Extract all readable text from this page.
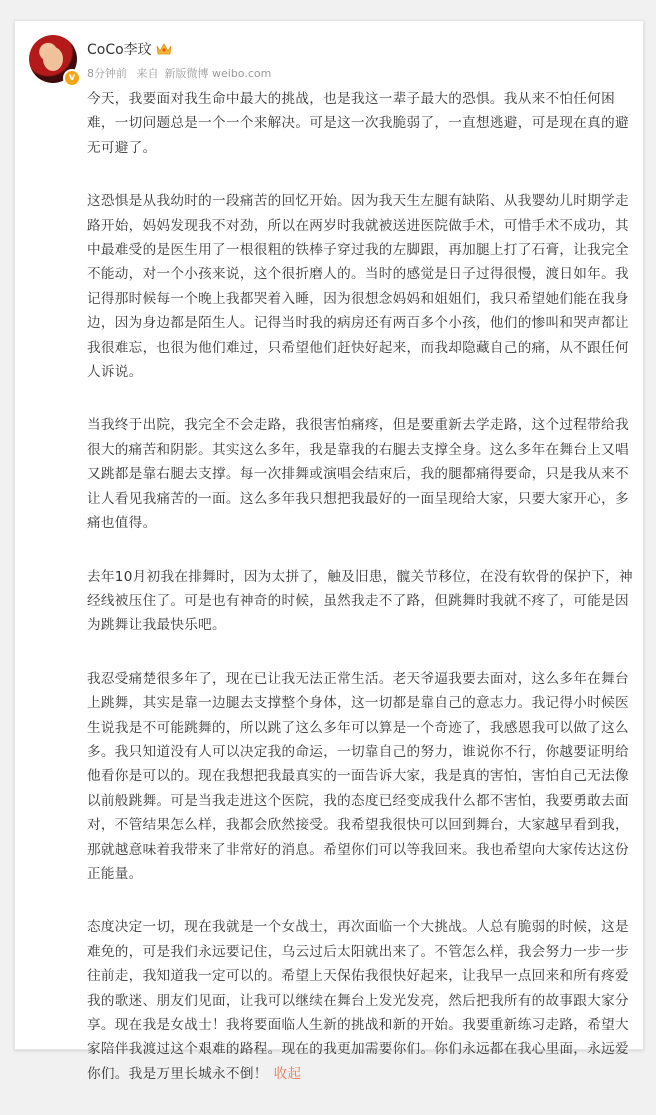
v
CoCo李玟
8分钟前 来自 新版微博 weibo.com

今天，我要面对我生命中最大的挑战，也是我这一辈子最大的恐惧。我从来不怕任何困难，一切问题总是一个一个来解决。可是这一次我脆弱了，一直想逃避，可是现在真的避无可避了。

这恐惧是从我幼时的一段痛苦的回忆开始。因为我天生左腿有缺陷、从我婴幼儿时期学走路开始，妈妈发现我不对劲，所以在两岁时我就被送进医院做手术，可惜手术不成功，其中最难受的是医生用了一根很粗的铁棒子穿过我的左脚跟，再加腿上打了石膏，让我完全不能动，对一个小孩来说，这个很折磨人的。当时的感觉是日子过得很慢，渡日如年。我记得那时候每一个晚上我都哭着入睡，因为很想念妈妈和姐姐们，我只希望她们能在我身边，因为身边都是陌生人。记得当时我的病房还有两百多个小孩，他们的惨叫和哭声都让我很难忘，也很为他们难过，只希望他们赶快好起来，而我却隐藏自己的痛，从不跟任何人诉说。

当我终于出院，我完全不会走路，我很害怕痛疼，但是要重新去学走路，这个过程带给我很大的痛苦和阴影。其实这么多年，我是靠我的右腿去支撑全身。这么多年在舞台上又唱又跳都是靠右腿去支撑。每一次排舞或演唱会结束后，我的腿都痛得要命，只是我从来不让人看见我痛苦的一面。这么多年我只想把我最好的一面呈现给大家，只要大家开心，多痛也值得。

去年10月初我在排舞时，因为太拼了，触及旧患，髋关节移位，在没有软骨的保护下，神经线被压住了。可是也有神奇的时候，虽然我走不了路，但跳舞时我就不疼了，可能是因为跳舞让我最快乐吧。

我忍受痛楚很多年了，现在已让我无法正常生活。老天爷逼我要去面对，这么多年在舞台上跳舞，其实是靠一边腿去支撑整个身体，这一切都是靠自己的意志力。我记得小时候医生说我是不可能跳舞的，所以跳了这么多年可以算是一个奇迹了，我感恩我可以做了这么多。我只知道没有人可以决定我的命运，一切靠自己的努力，谁说你不行，你越要证明给他看你是可以的。现在我想把我最真实的一面告诉大家，我是真的害怕，害怕自己无法像以前般跳舞。可是当我走进这个医院，我的态度已经变成我什么都不害怕，我要勇敢去面对，不管结果怎么样，我都会欣然接受。我希望我很快可以回到舞台，大家越早看到我，那就越意味着我带来了非常好的消息。希望你们可以等我回来。我也希望向大家传达这份正能量。

态度决定一切，现在我就是一个女战士，再次面临一个大挑战。人总有脆弱的时候，这是难免的，可是我们永远要记住，乌云过后太阳就出来了。不管怎么样，我会努力一步一步往前走，我知道我一定可以的。希望上天保佑我很快好起来，让我早一点回来和所有疼爱我的歌迷、朋友们见面，让我可以继续在舞台上发光发亮，然后把我所有的故事跟大家分享。现在我是女战士！我将要面临人生新的挑战和新的开始。我要重新练习走路，希望大家陪伴我渡过这个艰难的路程。现在的我更加需要你们。你们永远都在我心里面，永远爱你们。我是万里长城永不倒！ 收起
